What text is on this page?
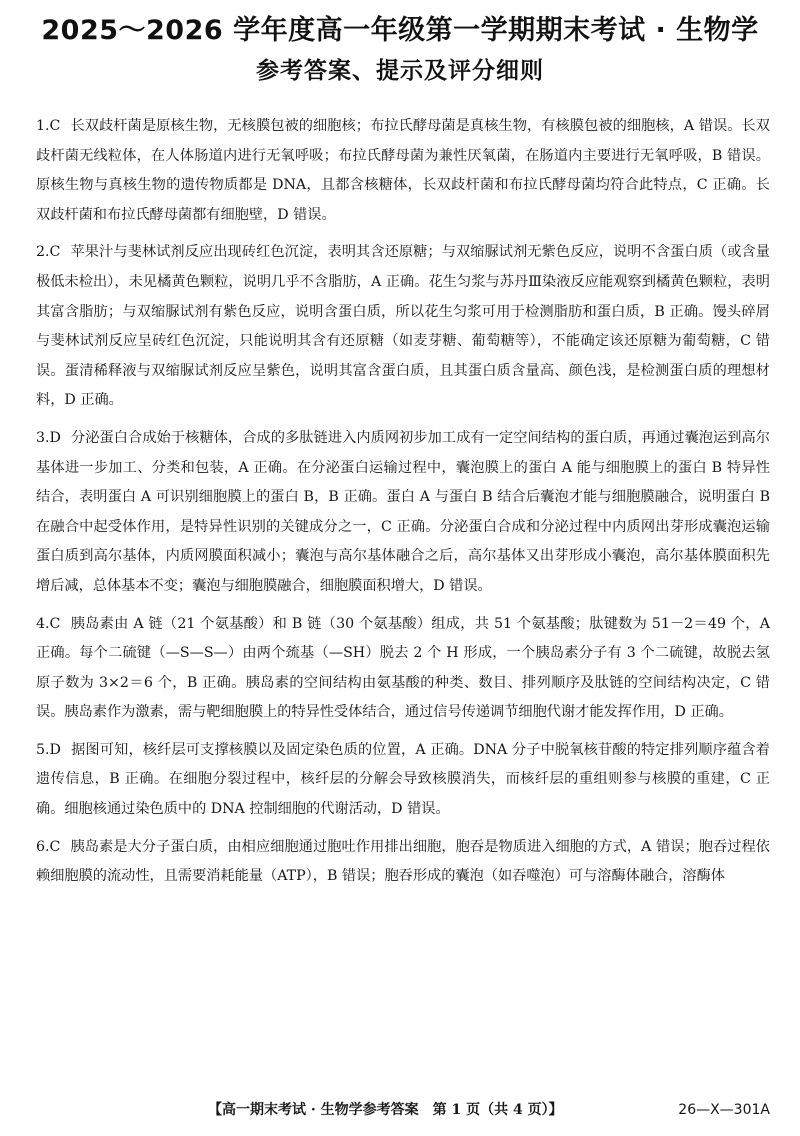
2025～2026 学年度高一年级第一学期期末考试 · 生物学
参考答案、提示及评分细则

1.C 长双歧杆菌是原核生物，无核膜包被的细胞核；布拉氏酵母菌是真核生物，有核膜包被的细胞核，A 错误。长双歧杆菌无线粒体，在人体肠道内进行无氧呼吸；布拉氏酵母菌为兼性厌氧菌，在肠道内主要进行无氧呼吸，B 错误。原核生物与真核生物的遗传物质都是 DNA，且都含核糖体，长双歧杆菌和布拉氏酵母菌均符合此特点，C 正确。长双歧杆菌和布拉氏酵母菌都有细胞壁，D 错误。

2.C 苹果汁与斐林试剂反应出现砖红色沉淀，表明其含还原糖；与双缩脲试剂无紫色反应，说明不含蛋白质（或含量极低未检出），未见橘黄色颗粒，说明几乎不含脂肪，A 正确。花生匀浆与苏丹Ⅲ染液反应能观察到橘黄色颗粒，表明其富含脂肪；与双缩脲试剂有紫色反应，说明含蛋白质，所以花生匀浆可用于检测脂肪和蛋白质，B 正确。馒头碎屑与斐林试剂反应呈砖红色沉淀，只能说明其含有还原糖（如麦芽糖、葡萄糖等），不能确定该还原糖为葡萄糖，C 错误。蛋清稀释液与双缩脲试剂反应呈紫色，说明其富含蛋白质，且其蛋白质含量高、颜色浅，是检测蛋白质的理想材料，D 正确。

3.D 分泌蛋白合成始于核糖体，合成的多肽链进入内质网初步加工成有一定空间结构的蛋白质，再通过囊泡运到高尔基体进一步加工、分类和包装，A 正确。在分泌蛋白运输过程中，囊泡膜上的蛋白 A 能与细胞膜上的蛋白 B 特异性结合，表明蛋白 A 可识别细胞膜上的蛋白 B，B 正确。蛋白 A 与蛋白 B 结合后囊泡才能与细胞膜融合，说明蛋白 B 在融合中起受体作用，是特异性识别的关键成分之一，C 正确。分泌蛋白合成和分泌过程中内质网出芽形成囊泡运输蛋白质到高尔基体，内质网膜面积减小；囊泡与高尔基体融合之后，高尔基体又出芽形成小囊泡，高尔基体膜面积先增后减，总体基本不变；囊泡与细胞膜融合，细胞膜面积增大，D 错误。

4.C 胰岛素由 A 链（21 个氨基酸）和 B 链（30 个氨基酸）组成，共 51 个氨基酸；肽键数为 51－2＝49 个，A 正确。每个二硫键（—S—S—）由两个巯基（—SH）脱去 2 个 H 形成，一个胰岛素分子有 3 个二硫键，故脱去氢原子数为 3×2＝6 个，B 正确。胰岛素的空间结构由氨基酸的种类、数目、排列顺序及肽链的空间结构决定，C 错误。胰岛素作为激素，需与靶细胞膜上的特异性受体结合，通过信号传递调节细胞代谢才能发挥作用，D 正确。

5.D 据图可知，核纤层可支撑核膜以及固定染色质的位置，A 正确。DNA 分子中脱氧核苷酸的特定排列顺序蕴含着遗传信息，B 正确。在细胞分裂过程中，核纤层的分解会导致核膜消失，而核纤层的重组则参与核膜的重建，C 正确。细胞核通过染色质中的 DNA 控制细胞的代谢活动，D 错误。

6.C 胰岛素是大分子蛋白质，由相应细胞通过胞吐作用排出细胞，胞吞是物质进入细胞的方式，A 错误；胞吞过程依赖细胞膜的流动性，且需要消耗能量（ATP），B 错误；胞吞形成的囊泡（如吞噬泡）可与溶酶体融合，溶酶体

【高一期末考试 · 生物学参考答案　第 1 页（共 4 页）】	26—X—301A
